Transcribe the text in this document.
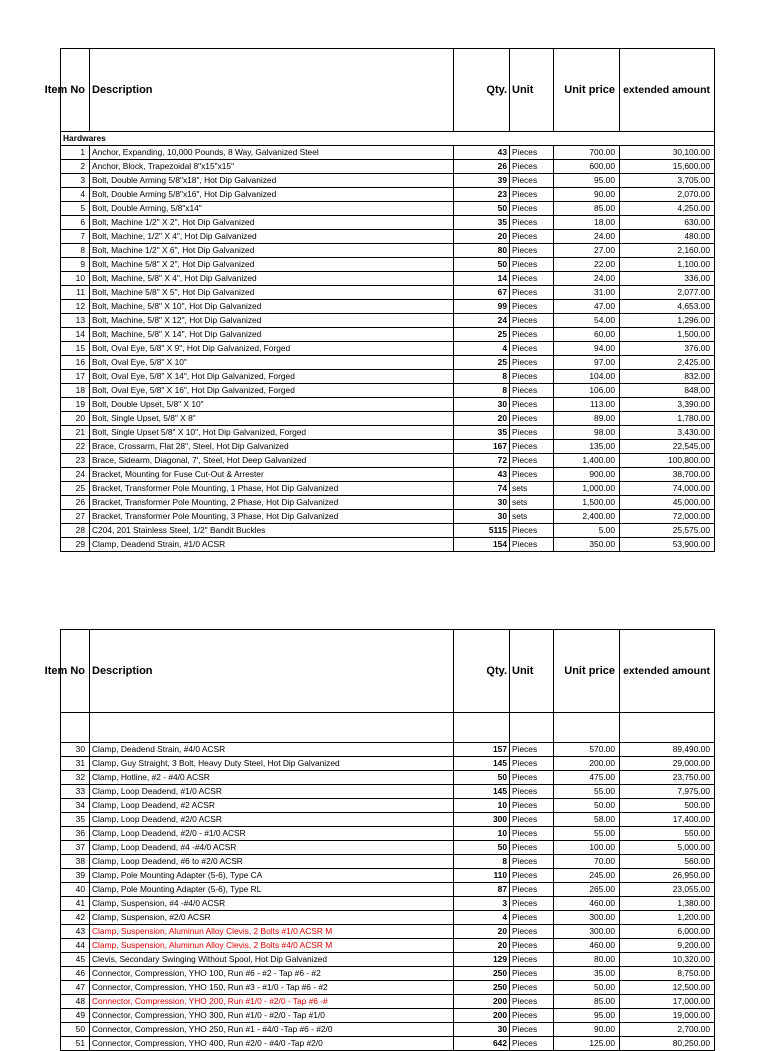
Item No	Description	Qty.	Unit	Unit price	extended amount
Hardwares					
1	Anchor, Expanding, 10,000 Pounds, 8 Way, Galvanized Steel	43	Pieces	700.00	30,100.00
2	Anchor, Block, Trapezoidal 8"x15"x15"	26	Pieces	600.00	15,600.00
3	Bolt, Double Arming 5/8"x18", Hot Dip Galvanized	39	Pieces	95.00	3,705.00
4	Bolt, Double Arming 5/8"x16", Hot Dip Galvanized	23	Pieces	90.00	2,070.00
5	Bolt, Double Arming, 5/8"x14"	50	Pieces	85.00	4,250.00
6	Bolt, Machine 1/2" X 2", Hot Dip Galvanized	35	Pieces	18.00	630.00
7	Bolt, Machine, 1/2" X 4", Hot Dip Galvanized	20	Pieces	24.00	480.00
8	Bolt, Machine 1/2" X 6", Hot Dip Galvanized	80	Pieces	27.00	2,160.00
9	Bolt, Machine 5/8" X 2", Hot Dip Galvanized	50	Pieces	22.00	1,100.00
10	Bolt, Machine, 5/8" X 4", Hot Dip Galvanized	14	Pieces	24.00	336.00
11	Bolt, Machine 5/8" X 5", Hot Dip Galvanized	67	Pieces	31.00	2,077.00
12	Bolt, Machine, 5/8" X 10", Hot Dip Galvanized	99	Pieces	47.00	4,653.00
13	Bolt, Machine, 5/8" X 12", Hot Dip Galvanized	24	Pieces	54.00	1,296.00
14	Bolt, Machine, 5/8" X 14", Hot Dip Galvanized	25	Pieces	60.00	1,500.00
15	Bolt, Oval Eye, 5/8" X 9", Hot Dip Galvanized, Forged	4	Pieces	94.00	376.00
16	Bolt, Oval Eye, 5/8" X 10"	25	Pieces	97.00	2,425.00
17	Bolt, Oval Eye, 5/8" X 14", Hot Dip Galvanized, Forged	8	Pieces	104.00	832.00
18	Bolt, Oval Eye, 5/8" X 16", Hot Dip Galvanized, Forged	8	Pieces	106.00	848.00
19	Bolt, Double Upset, 5/8" X 10"	30	Pieces	113.00	3,390.00
20	Bolt, Single Upset, 5/8" X 8"	20	Pieces	89.00	1,780.00
21	Bolt, Single Upset 5/8" X 10", Hot Dip Galvanized, Forged	35	Pieces	98.00	3,430.00
22	Brace, Crossarm, Flat 28", Steel, Hot Dip Galvanized	167	Pieces	135.00	22,545.00
23	Brace, Sidearm, Diagonal, 7', Steel, Hot Deep Galvanized	72	Pieces	1,400.00	100,800.00
24	Bracket, Mounting for Fuse Cut-Out & Arrester	43	Pieces	900.00	38,700.00
25	Bracket, Transformer Pole Mounting, 1 Phase, Hot Dip Galvanized	74	sets	1,000.00	74,000.00
26	Bracket, Transformer Pole Mounting, 2 Phase, Hot Dip Galvanized	30	sets	1,500.00	45,000.00
27	Bracket, Transformer Pole Mounting, 3 Phase, Hot Dip Galvanized	30	sets	2,400.00	72,000.00
28	C204, 201 Stainless Steel, 1/2" Bandit Buckles	5115	Pieces	5.00	25,575.00
29	Clamp, Deadend Strain, #1/0 ACSR	154	Pieces	350.00	53,900.00
Item No	Description	Qty.	Unit	Unit price	extended amount

30	Clamp, Deadend Strain, #4/0 ACSR	157	Pieces	570.00	89,490.00
31	Clamp, Guy Straight, 3 Bolt, Heavy Duty Steel, Hot Dip Galvanized	145	Pieces	200.00	29,000.00
32	Clamp, Hotline, #2 - #4/0 ACSR	50	Pieces	475.00	23,750.00
33	Clamp, Loop Deadend, #1/0 ACSR	145	Pieces	55.00	7,975.00
34	Clamp, Loop Deadend, #2 ACSR	10	Pieces	50.00	500.00
35	Clamp, Loop Deadend, #2/0 ACSR	300	Pieces	58.00	17,400.00
36	Clamp, Loop Deadend, #2/0 - #1/0 ACSR	10	Pieces	55.00	550.00
37	Clamp, Loop Deadend, #4 -#4/0 ACSR	50	Pieces	100.00	5,000.00
38	Clamp, Loop Deadend, #6 to #2/0 ACSR	8	Pieces	70.00	560.00
39	Clamp, Pole Mounting Adapter (5-6), Type CA	110	Pieces	245.00	26,950.00
40	Clamp, Pole Mounting Adapter (5-6), Type RL	87	Pieces	265.00	23,055.00
41	Clamp, Suspension, #4 -#4/0 ACSR	3	Pieces	460.00	1,380.00
42	Clamp, Suspension, #2/0 ACSR	4	Pieces	300.00	1,200.00
43	Clamp, Suspension, Aluminun Alloy Clevis, 2 Bolts #1/0 ACSR M	20	Pieces	300.00	6,000.00
44	Clamp, Suspension, Aluminun Alloy Clevis, 2 Bolts #4/0 ACSR M	20	Pieces	460.00	9,200.00
45	Clevis, Secondary Swinging Without Spool, Hot Dip Galvanized	129	Pieces	80.00	10,320.00
46	Connector, Compression, YHO 100, Run #6 - #2 - Tap #6 - #2	250	Pieces	35.00	8,750.00
47	Connector, Compression, YHO 150, Run #3 - #1/0 - Tap #6 - #2	250	Pieces	50.00	12,500.00
48	Connector, Compression, YHO 200, Run #1/0 - #2/0 - Tap #6 -#	200	Pieces	85.00	17,000.00
49	Connector, Compression, YHO 300, Run #1/0 - #2/0 - Tap #1/0	200	Pieces	95.00	19,000.00
50	Connector, Compression, YHO 250, Run #1 - #4/0 -Tap #6 - #2/0	30	Pieces	90.00	2,700.00
51	Connector, Compression, YHO 400, Run #2/0 - #4/0 -Tap #2/0	642	Pieces	125.00	80,250.00
